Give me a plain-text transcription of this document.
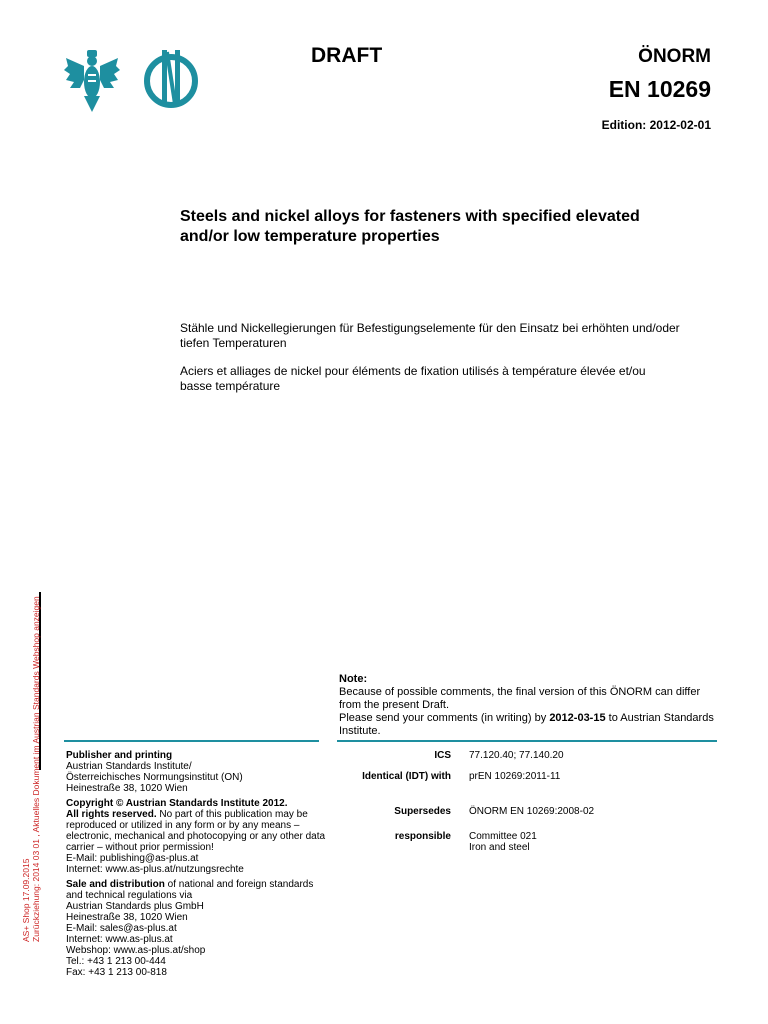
DRAFT	ÖNORM
EN 10269
Edition: 2012-02-01
Steels and nickel alloys for fasteners with specified elevated and/or low temperature properties
Stähle und Nickellegierungen für Befestigungselemente für den Einsatz bei erhöhten und/oder tiefen Temperaturen
Aciers et alliages de nickel pour éléments de fixation utilisés à température élevée et/ou basse température
AS+ Shop 17.09.2015 Zurückziehung: 2014 03 01 , Aktuelles Dokument im Austrian Standards Webshop anzeigen	Note:
Because of possible comments, the final version of this ÖNORM can differ from the present Draft.
Please send your comments (in writing) by 2012-03-15 to Austrian Standards Institute.

Publisher and printing
Austrian Standards Institute/
Österreichisches Normungsinstitut (ON)
Heinestraße 38, 1020 Wien

Copyright © Austrian Standards Institute 2012.
All rights reserved. No part of this publication may be reproduced or utilized in any form or by any means – electronic, mechanical and photocopying or any other data carrier – without prior permission!
E-Mail: publishing@as-plus.at
Internet: www.as-plus.at/nutzungsrechte

Sale and distribution of national and foreign standards and technical regulations via
Austrian Standards plus GmbH
Heinestraße 38, 1020 Wien
E-Mail: sales@as-plus.at
Internet: www.as-plus.at
Webshop: www.as-plus.at/shop
Tel.: +43 1 213 00-444
Fax: +43 1 213 00-818

ICS	77.120.40; 77.140.20
Identical (IDT) with	prEN 10269:2011-11
Supersedes	ÖNORM EN 10269:2008-02
responsible	Committee 021
Iron and steel
